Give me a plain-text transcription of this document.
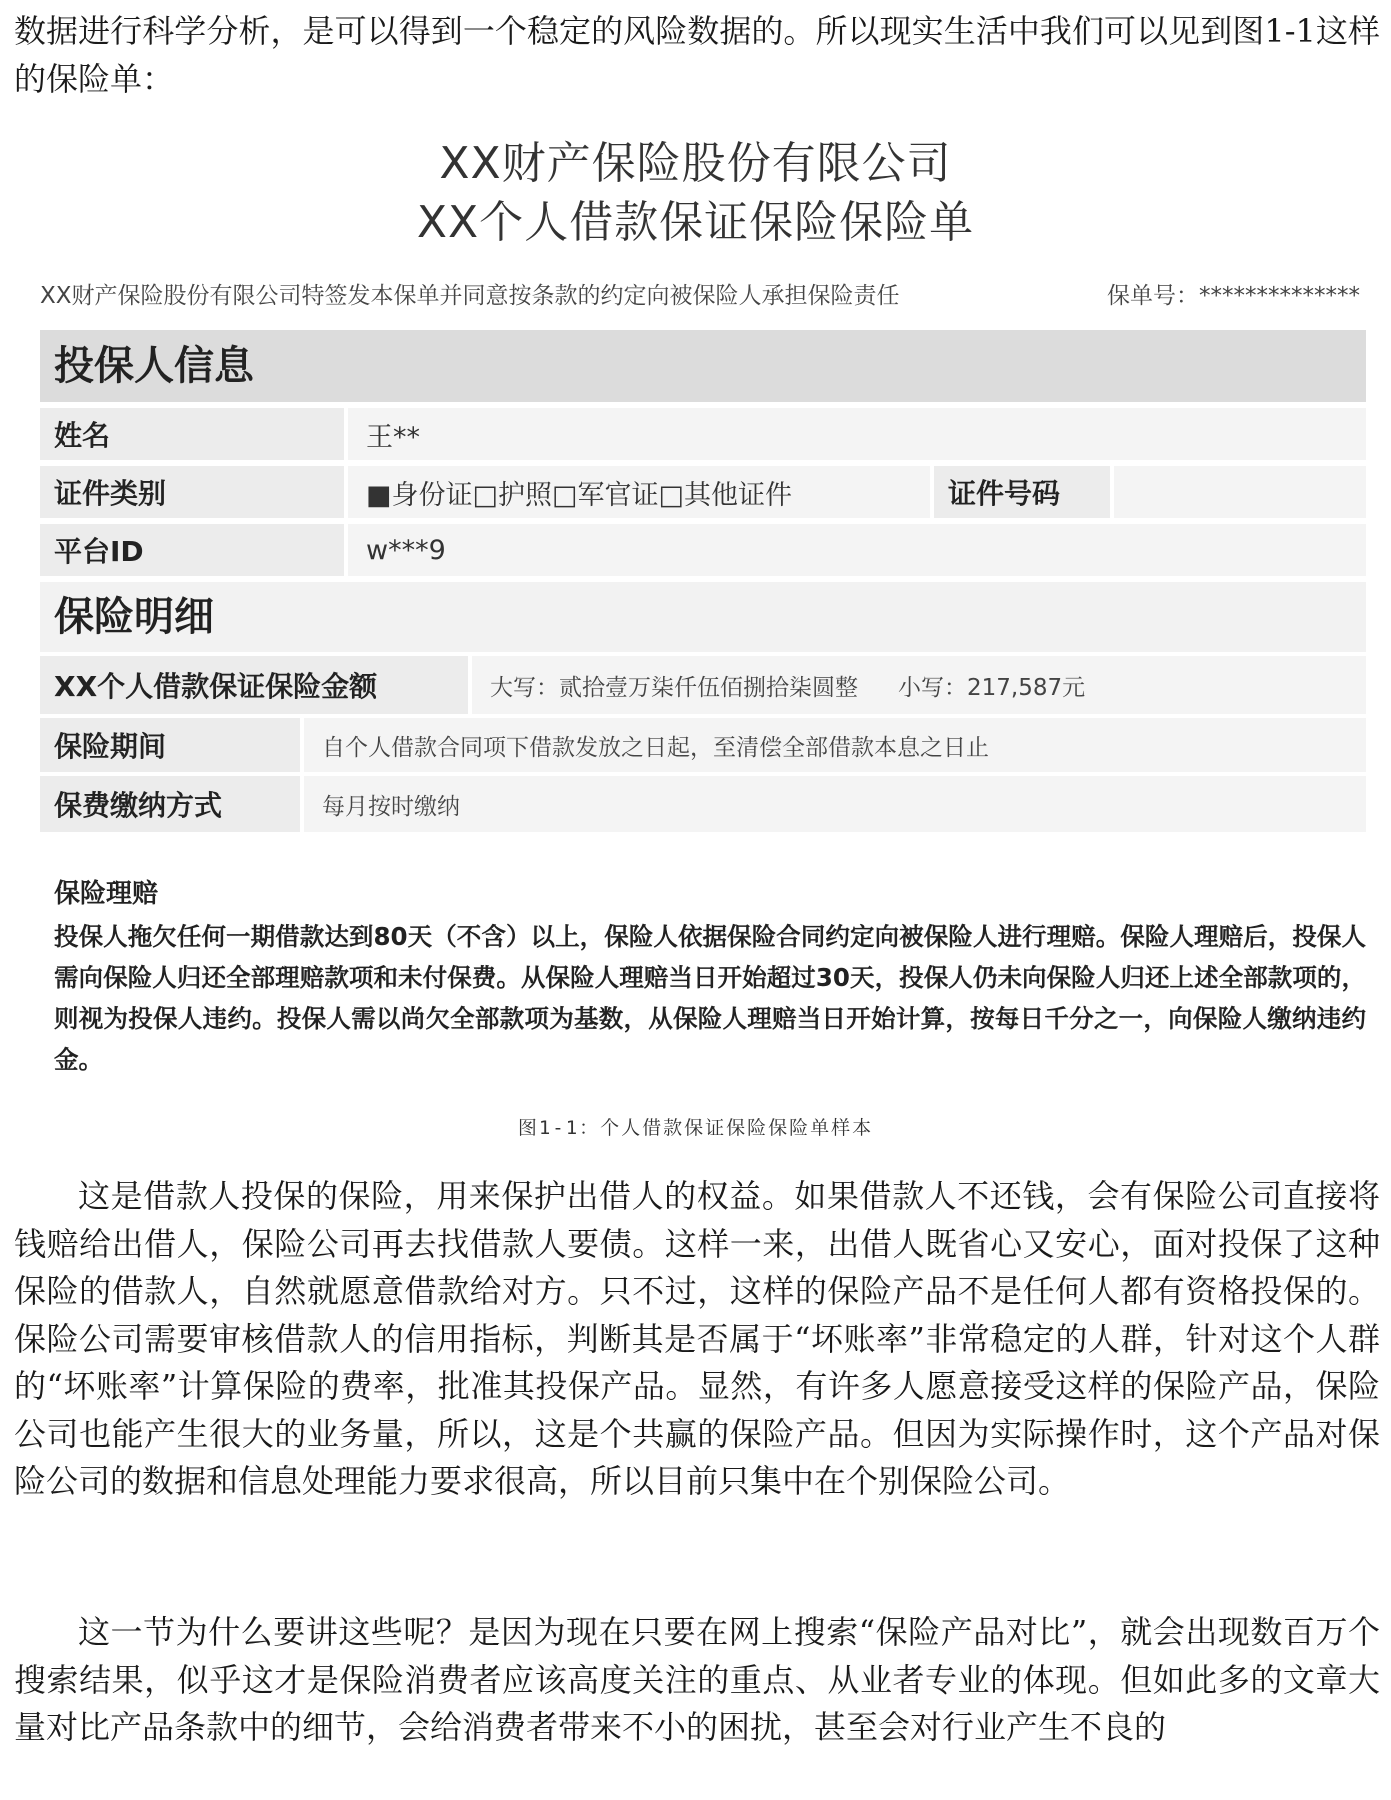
数据进行科学分析，是可以得到一个稳定的风险数据的。所以现实生活中我们可以见到图1-1这样的保险单：

XX财产保险股份有限公司
XX个人借款保证保险保险单
XX财产保险股份有限公司特签发本保单并同意按条款的约定向被保险人承担保险责任	保单号：**************
投保人信息
姓名	王**
证件类别	■身份证□护照□军官证□其他证件	证件号码
平台ID	w***9
保险明细
XX个人借款保证保险金额	大写：贰拾壹万柒仟伍佰捌拾柒圆整 小写：217,587元
保险期间	自个人借款合同项下借款发放之日起，至清偿全部借款本息之日止
保费缴纳方式	每月按时缴纳

保险理赔

投保人拖欠任何一期借款达到80天（不含）以上，保险人依据保险合同约定向被保险人进行理赔。保险人理赔后，投保人需向保险人归还全部理赔款项和未付保费。从保险人理赔当日开始超过30天，投保人仍未向保险人归还上述全部款项的，则视为投保人违约。投保人需以尚欠全部款项为基数，从保险人理赔当日开始计算，按每日千分之一，向保险人缴纳违约金。

图1-1：个人借款保证保险保险单样本

这是借款人投保的保险，用来保护出借人的权益。如果借款人不还钱，会有保险公司直接将钱赔给出借人，保险公司再去找借款人要债。这样一来，出借人既省心又安心，面对投保了这种保险的借款人，自然就愿意借款给对方。只不过，这样的保险产品不是任何人都有资格投保的。保险公司需要审核借款人的信用指标，判断其是否属于“坏账率”非常稳定的人群，针对这个人群的“坏账率”计算保险的费率，批准其投保产品。显然，有许多人愿意接受这样的保险产品，保险公司也能产生很大的业务量，所以，这是个共赢的保险产品。但因为实际操作时，这个产品对保险公司的数据和信息处理能力要求很高，所以目前只集中在个别保险公司。

这一节为什么要讲这些呢？是因为现在只要在网上搜索“保险产品对比”，就会出现数百万个搜索结果，似乎这才是保险消费者应该高度关注的重点、从业者专业的体现。但如此多的文章大量对比产品条款中的细节，会给消费者带来不小的困扰，甚至会对行业产生不良的
